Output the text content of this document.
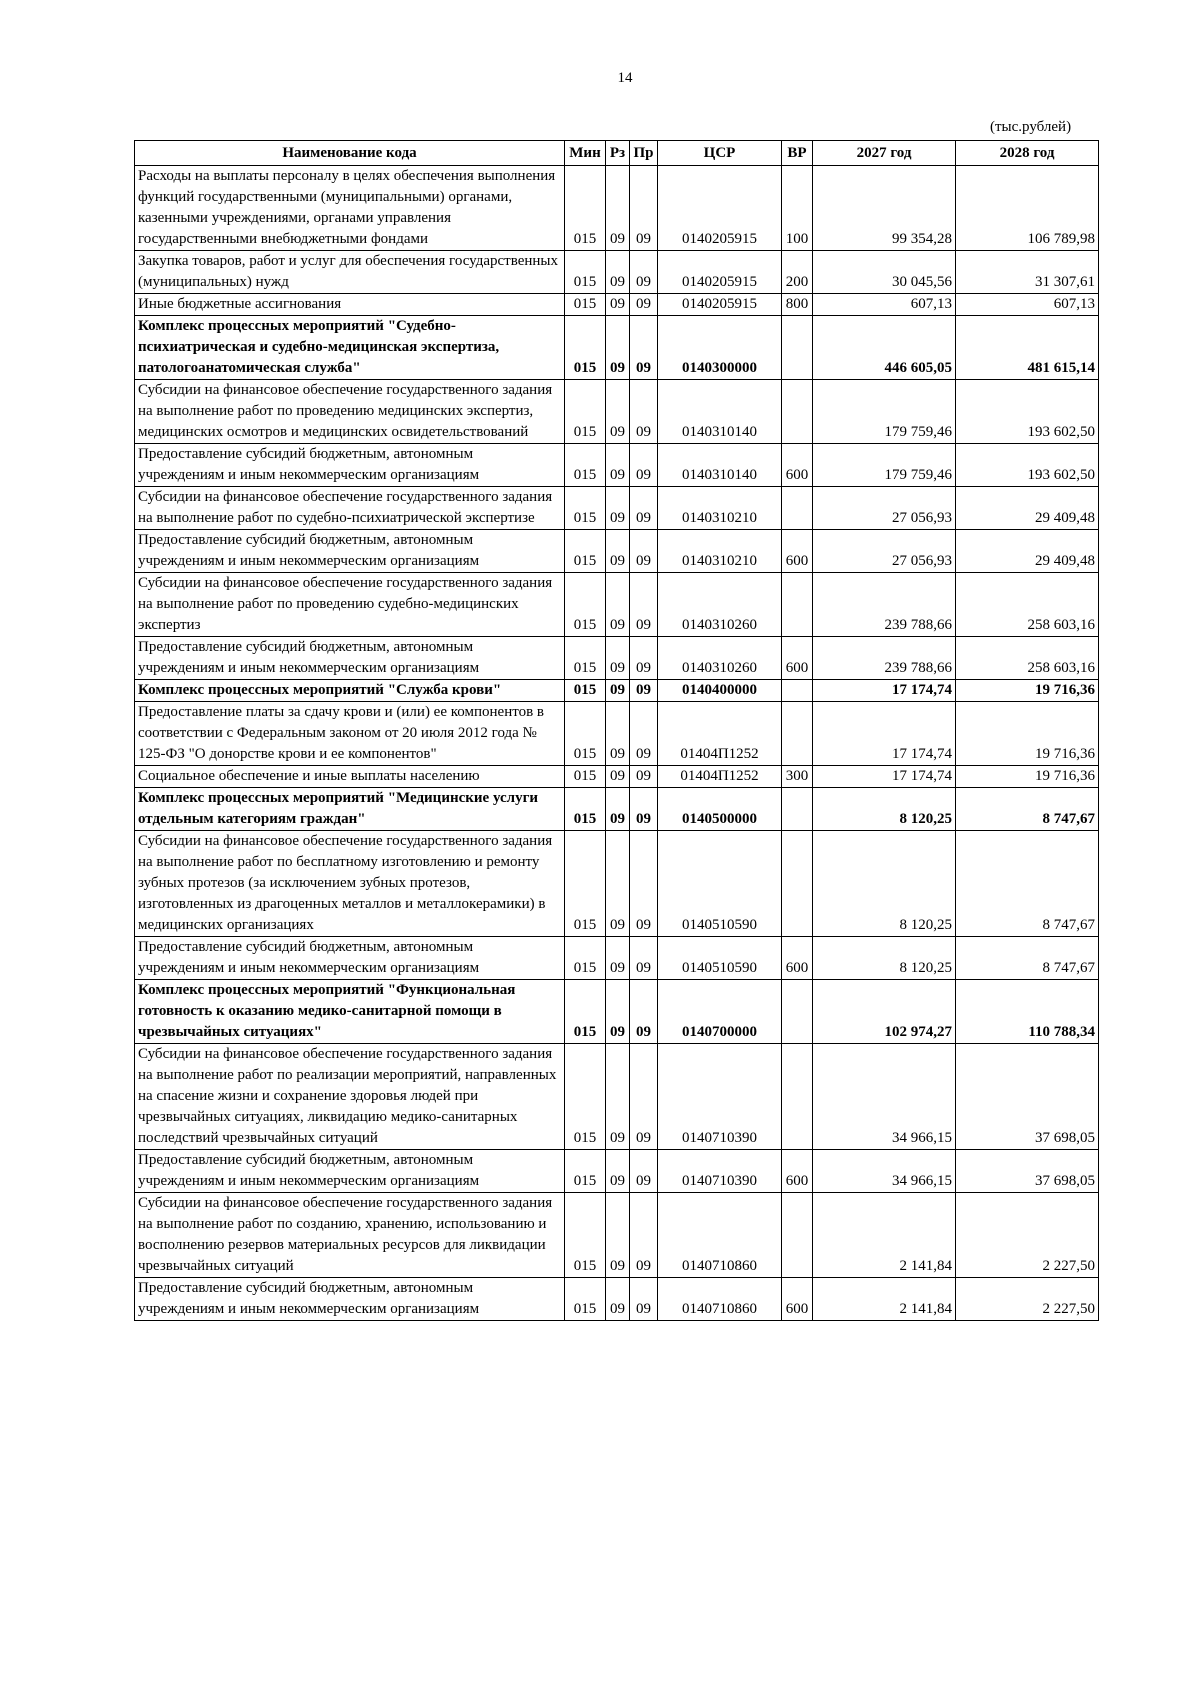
14
(тыс.рублей)
Наименование кода	Мин	Рз	Пр	ЦСР	ВР	2027 год	2028 год
Расходы на выплаты персоналу в целях обеспечения выполнения функций государственными (муниципальными) органами, казенными учреждениями, органами управления государственными внебюджетными фондами	015	09	09	0140205915	100	99 354,28	106 789,98
Закупка товаров, работ и услуг для обеспечения государственных (муниципальных) нужд	015	09	09	0140205915	200	30 045,56	31 307,61
Иные бюджетные ассигнования	015	09	09	0140205915	800	607,13	607,13
Комплекс процессных мероприятий "Судебно-психиатрическая и судебно-медицинская экспертиза, патологоанатомическая служба"	015	09	09	0140300000		446 605,05	481 615,14
Субсидии на финансовое обеспечение государственного задания на выполнение работ по проведению медицинских экспертиз, медицинских осмотров и медицинских освидетельствований	015	09	09	0140310140		179 759,46	193 602,50
Предоставление субсидий бюджетным, автономным учреждениям и иным некоммерческим организациям	015	09	09	0140310140	600	179 759,46	193 602,50
Субсидии на финансовое обеспечение государственного задания на выполнение работ по судебно-психиатрической экспертизе	015	09	09	0140310210		27 056,93	29 409,48
Предоставление субсидий бюджетным, автономным учреждениям и иным некоммерческим организациям	015	09	09	0140310210	600	27 056,93	29 409,48
Субсидии на финансовое обеспечение государственного задания на выполнение работ по проведению судебно-медицинских экспертиз	015	09	09	0140310260		239 788,66	258 603,16
Предоставление субсидий бюджетным, автономным учреждениям и иным некоммерческим организациям	015	09	09	0140310260	600	239 788,66	258 603,16
Комплекс процессных мероприятий "Служба крови"	015	09	09	0140400000		17 174,74	19 716,36
Предоставление платы за сдачу крови и (или) ее компонентов в соответствии с Федеральным законом от 20 июля 2012 года № 125-ФЗ "О донорстве крови и ее компонентов"	015	09	09	01404П1252		17 174,74	19 716,36
Социальное обеспечение и иные выплаты населению	015	09	09	01404П1252	300	17 174,74	19 716,36
Комплекс процессных мероприятий "Медицинские услуги отдельным категориям граждан"	015	09	09	0140500000		8 120,25	8 747,67
Субсидии на финансовое обеспечение государственного задания на выполнение работ по бесплатному изготовлению и ремонту зубных протезов (за исключением зубных протезов, изготовленных из драгоценных металлов и металлокерамики) в медицинских организациях	015	09	09	0140510590		8 120,25	8 747,67
Предоставление субсидий бюджетным, автономным учреждениям и иным некоммерческим организациям	015	09	09	0140510590	600	8 120,25	8 747,67
Комплекс процессных мероприятий "Функциональная готовность к оказанию медико-санитарной помощи в чрезвычайных ситуациях"	015	09	09	0140700000		102 974,27	110 788,34
Субсидии на финансовое обеспечение государственного задания на выполнение работ по реализации мероприятий, направленных на спасение жизни и сохранение здоровья людей при чрезвычайных ситуациях, ликвидацию медико-санитарных последствий чрезвычайных ситуаций	015	09	09	0140710390		34 966,15	37 698,05
Предоставление субсидий бюджетным, автономным учреждениям и иным некоммерческим организациям	015	09	09	0140710390	600	34 966,15	37 698,05
Субсидии на финансовое обеспечение государственного задания на выполнение работ по созданию, хранению, использованию и восполнению резервов материальных ресурсов для ликвидации чрезвычайных ситуаций	015	09	09	0140710860		2 141,84	2 227,50
Предоставление субсидий бюджетным, автономным учреждениям и иным некоммерческим организациям	015	09	09	0140710860	600	2 141,84	2 227,50
